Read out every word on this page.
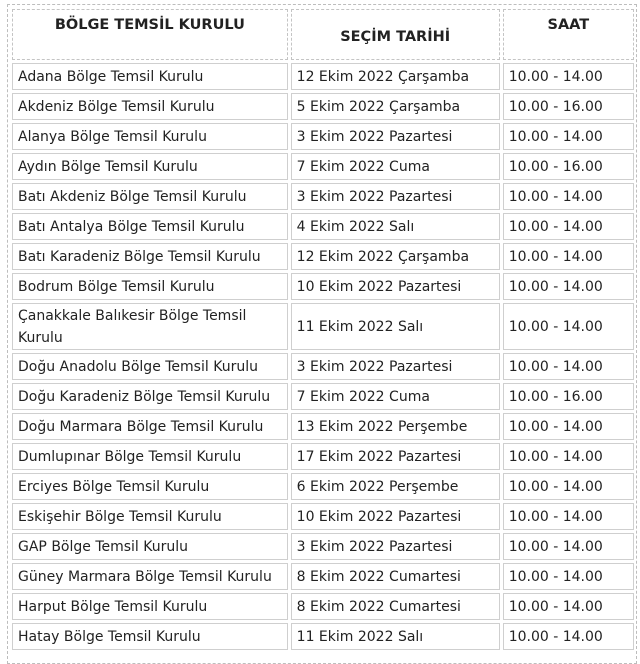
BÖLGE TEMSİL KURULU	SEÇİM TARİHİ	SAAT
Adana Bölge Temsil Kurulu	12 Ekim 2022 Çarşamba	10.00 - 14.00
Akdeniz Bölge Temsil Kurulu	5 Ekim 2022 Çarşamba	10.00 - 16.00
Alanya Bölge Temsil Kurulu	3 Ekim 2022 Pazartesi	10.00 - 14.00
Aydın Bölge Temsil Kurulu	7 Ekim 2022 Cuma	10.00 - 16.00
Batı Akdeniz Bölge Temsil Kurulu	3 Ekim 2022 Pazartesi	10.00 - 14.00
Batı Antalya Bölge Temsil Kurulu	4 Ekim 2022 Salı	10.00 - 14.00
Batı Karadeniz Bölge Temsil Kurulu	12 Ekim 2022 Çarşamba	10.00 - 14.00
Bodrum Bölge Temsil Kurulu	10 Ekim 2022 Pazartesi	10.00 - 14.00
Çanakkale Balıkesir Bölge Temsil Kurulu	11 Ekim 2022 Salı	10.00 - 14.00
Doğu Anadolu Bölge Temsil Kurulu	3 Ekim 2022 Pazartesi	10.00 - 14.00
Doğu Karadeniz Bölge Temsil Kurulu	7 Ekim 2022 Cuma	10.00 - 16.00
Doğu Marmara Bölge Temsil Kurulu	13 Ekim 2022 Perşembe	10.00 - 14.00
Dumlupınar Bölge Temsil Kurulu	17 Ekim 2022 Pazartesi	10.00 - 14.00
Erciyes Bölge Temsil Kurulu	6 Ekim 2022 Perşembe	10.00 - 14.00
Eskişehir Bölge Temsil Kurulu	10 Ekim 2022 Pazartesi	10.00 - 14.00
GAP Bölge Temsil Kurulu	3 Ekim 2022 Pazartesi	10.00 - 14.00
Güney Marmara Bölge Temsil Kurulu	8 Ekim 2022 Cumartesi	10.00 - 14.00
Harput Bölge Temsil Kurulu	8 Ekim 2022 Cumartesi	10.00 - 14.00
Hatay Bölge Temsil Kurulu	11 Ekim 2022 Salı	10.00 - 14.00
